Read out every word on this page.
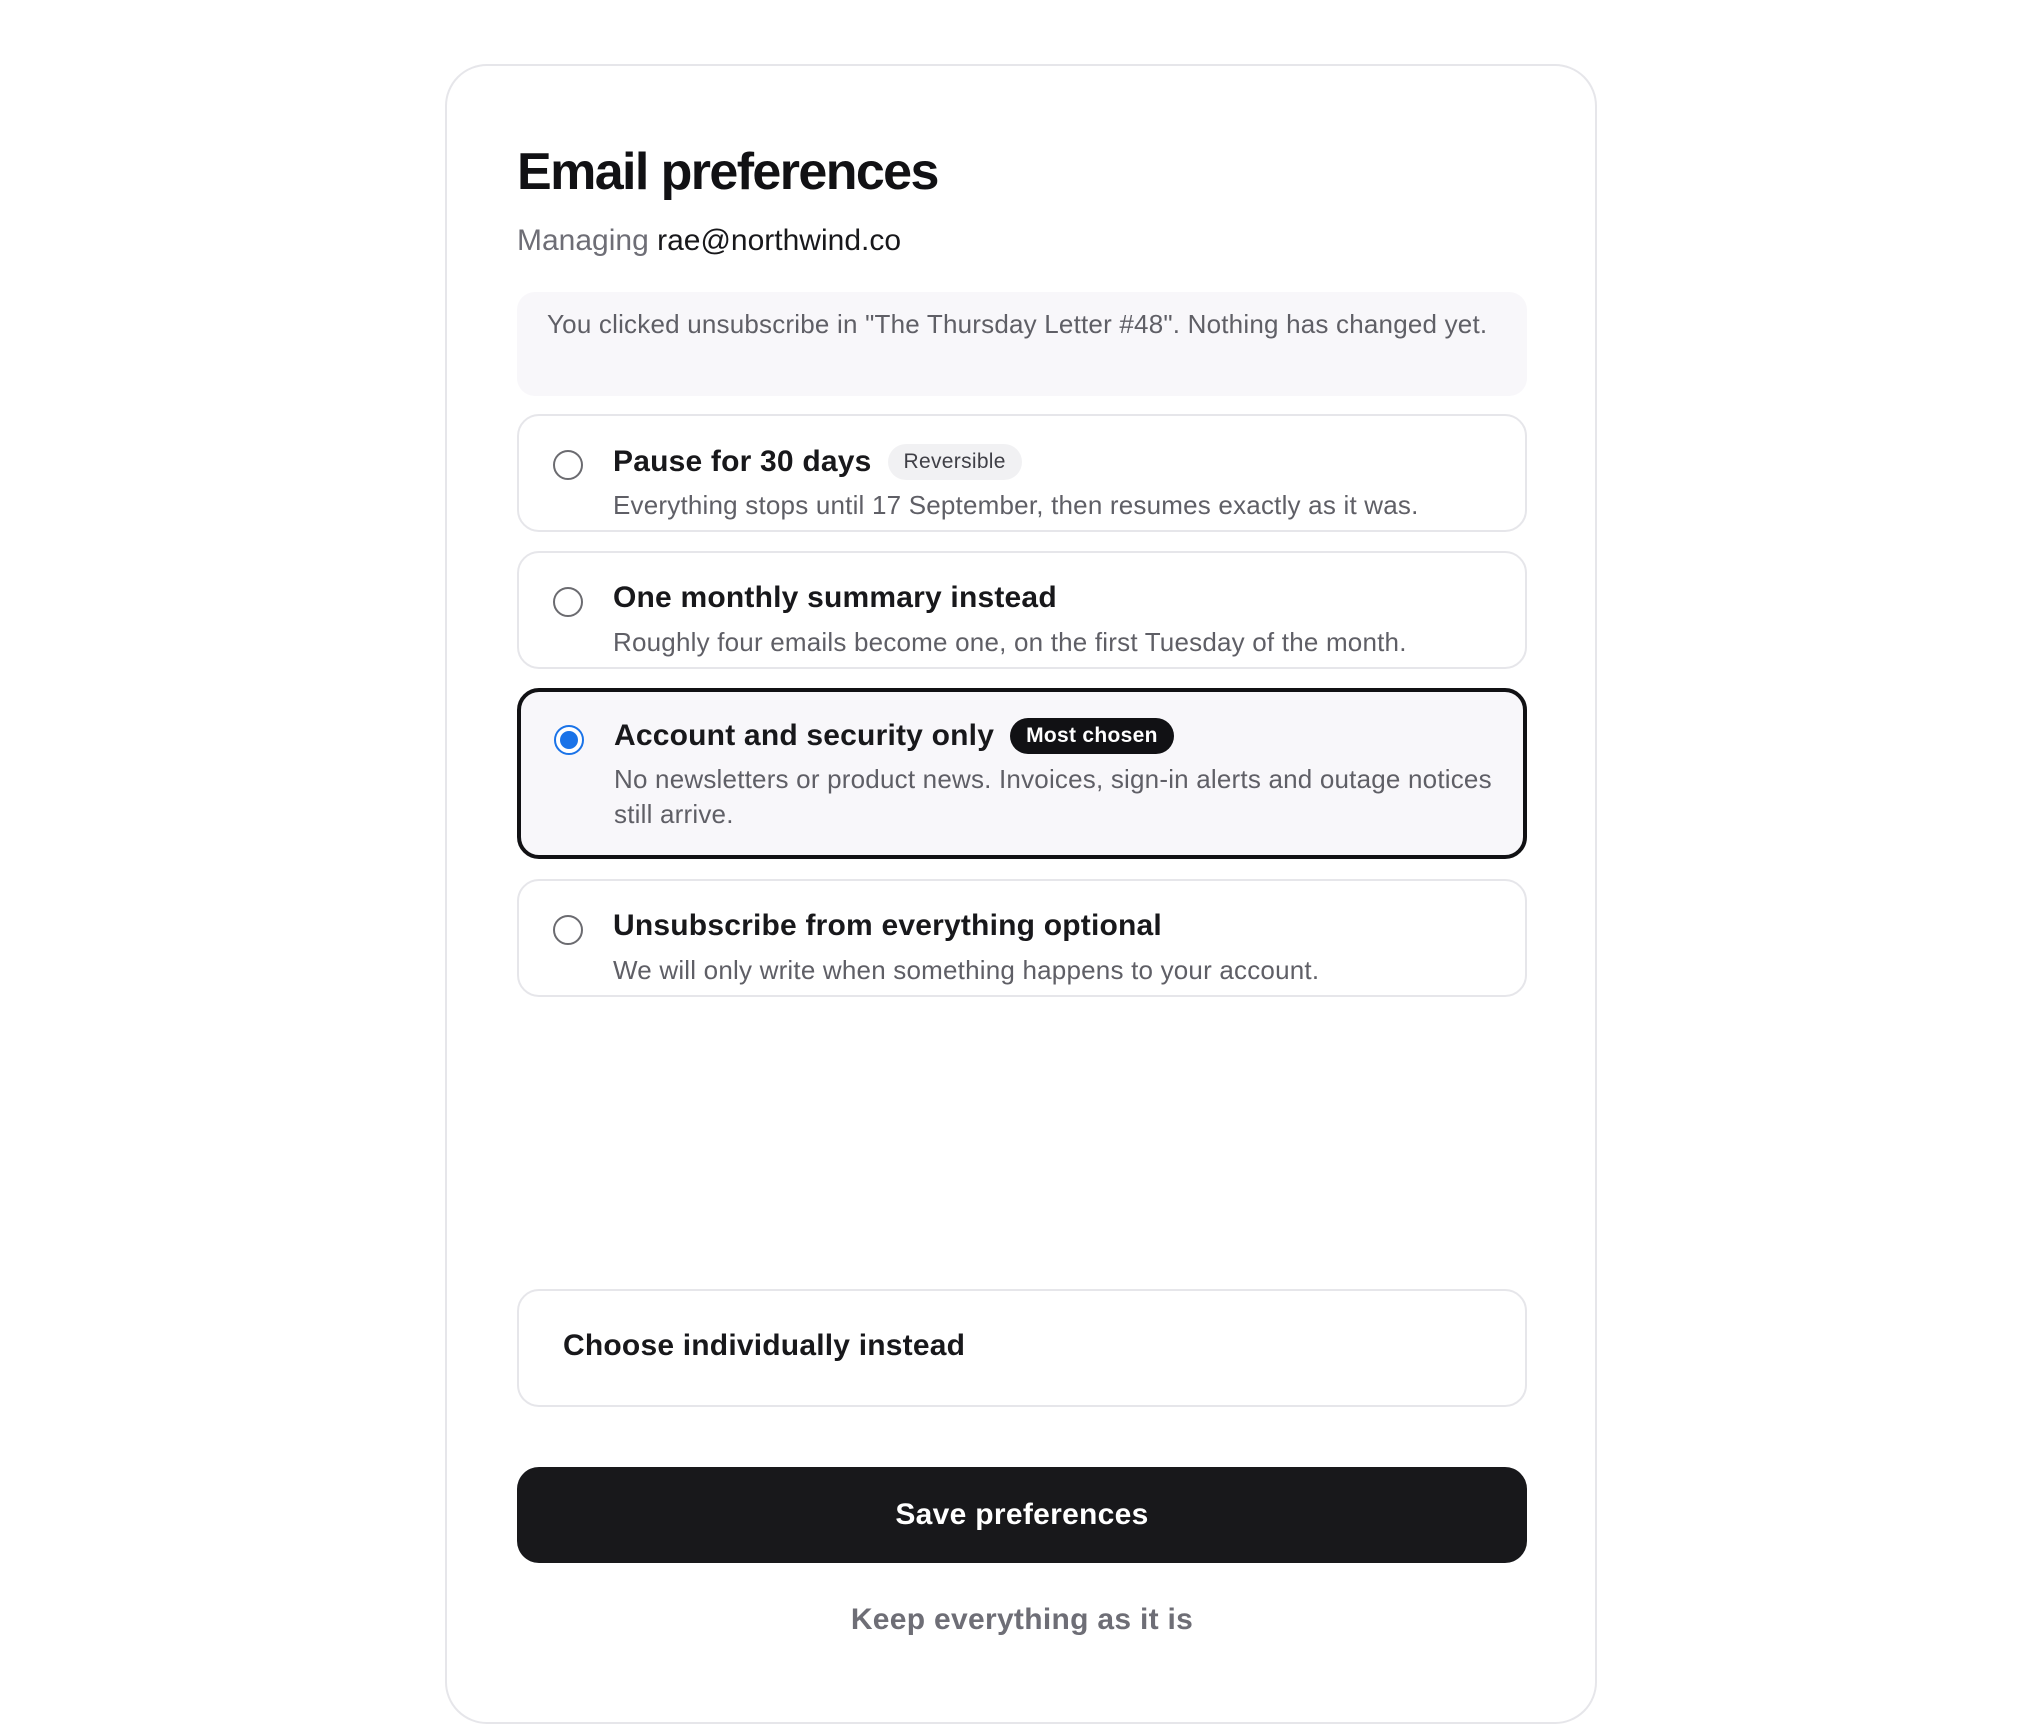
Email preferences
Managing rae@northwind.co
You clicked unsubscribe in "The Thursday Letter #48". Nothing has changed yet.
Pause for 30 days	Reversible
Everything stops until 17 September, then resumes exactly as it was.
One monthly summary instead
Roughly four emails become one, on the first Tuesday of the month.
Account and security only	Most chosen
No newsletters or product news. Invoices, sign-in alerts and outage notices still arrive.
Unsubscribe from everything optional
We will only write when something happens to your account.
Choose individually instead
Save preferences
Keep everything as it is
